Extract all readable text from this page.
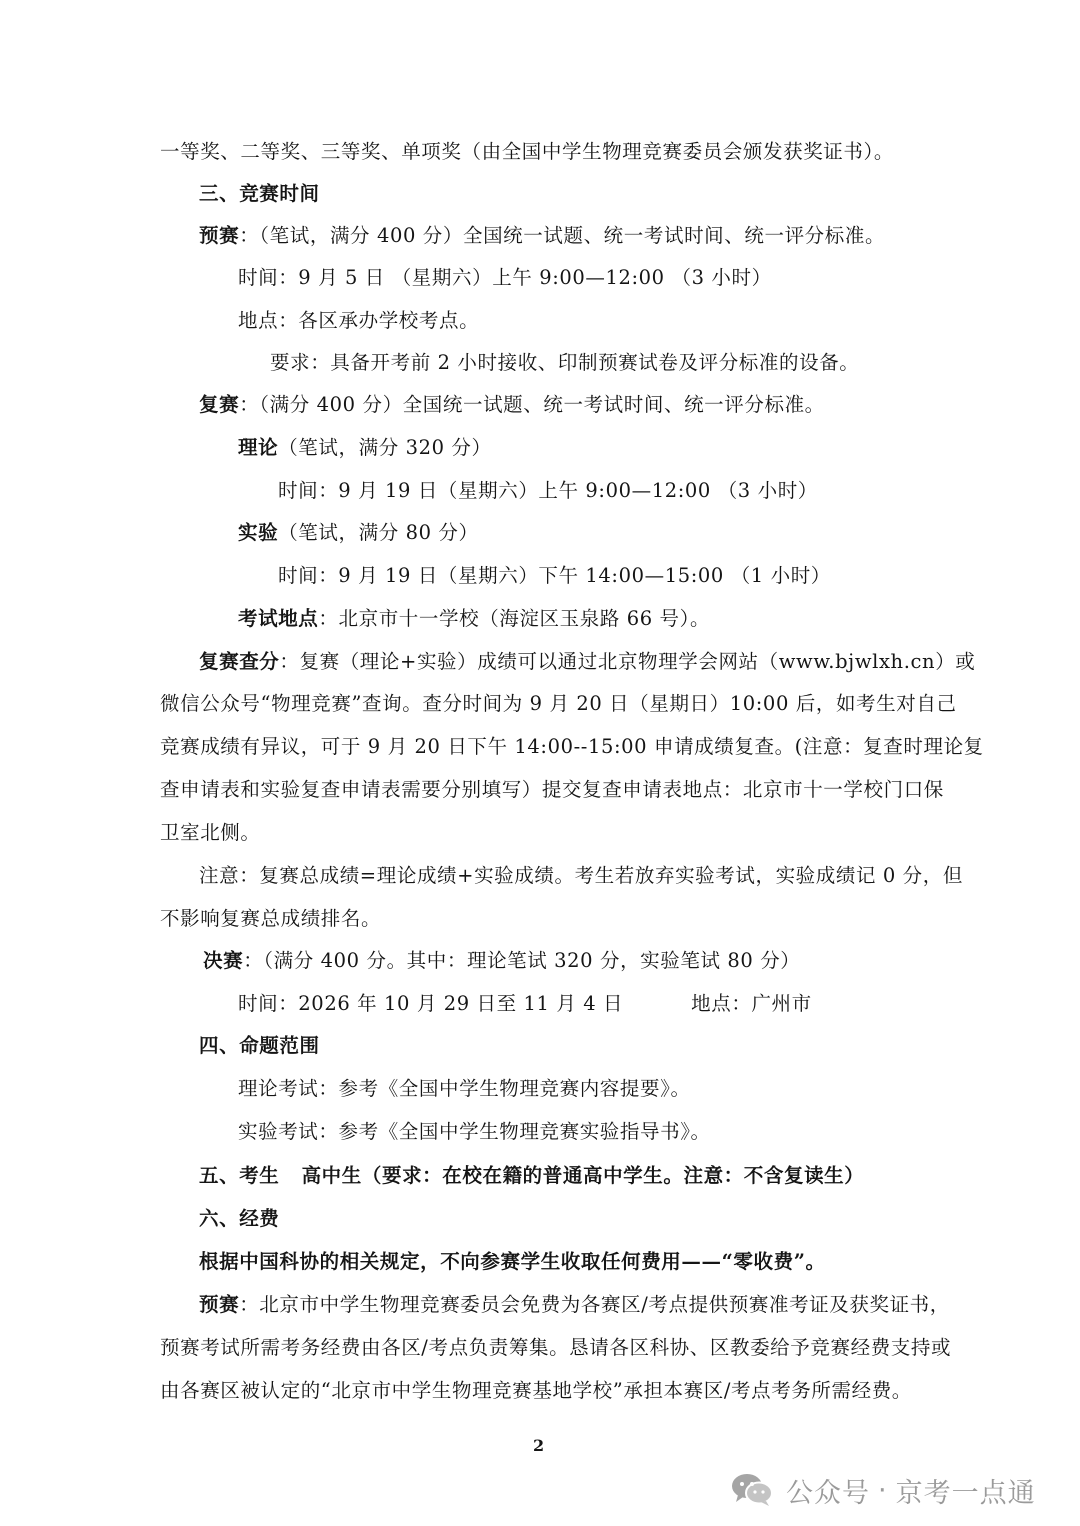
一等奖、二等奖、三等奖、单项奖（由全国中学生物理竞赛委员会颁发获奖证书）。
三、竞赛时间
预赛：（笔试，满分 400 分）全国统一试题、统一考试时间、统一评分标准。
时间：9 月 5 日 （星期六）上午 9:00—12:00 （3 小时）
地点：各区承办学校考点。
要求：具备开考前 2 小时接收、印制预赛试卷及评分标准的设备。
复赛：（满分 400 分）全国统一试题、统一考试时间、统一评分标准。
理论（笔试，满分 320 分）
时间：9 月 19 日（星期六）上午 9:00—12:00 （3 小时）
实验（笔试，满分 80 分）
时间：9 月 19 日（星期六）下午 14:00—15:00 （1 小时）
考试地点：北京市十一学校（海淀区玉泉路 66 号）。
复赛查分：复赛（理论+实验）成绩可以通过北京物理学会网站（www.bjwlxh.cn）或
微信公众号“物理竞赛”查询。查分时间为 9 月 20 日（星期日）10:00 后，如考生对自己
竞赛成绩有异议，可于 9 月 20 日下午 14:00--15:00 申请成绩复查。(注意：复查时理论复
查申请表和实验复查申请表需要分别填写）提交复查申请表地点：北京市十一学校门口保
卫室北侧。
注意：复赛总成绩=理论成绩+实验成绩。考生若放弃实验考试，实验成绩记 0 分，但
不影响复赛总成绩排名。
决赛：（满分 400 分。其中：理论笔试 320 分，实验笔试 80 分）
时间：2026 年 10 月 29 日至 11 月 4 日          地点：广州市
四、命题范围
理论考试：参考《全国中学生物理竞赛内容提要》。
实验考试：参考《全国中学生物理竞赛实验指导书》。
五、考生   高中生（要求：在校在籍的普通高中学生。注意：不含复读生）
六、经费
根据中国科协的相关规定，不向参赛学生收取任何费用——“零收费”。
预赛：北京市中学生物理竞赛委员会免费为各赛区/考点提供预赛准考证及获奖证书，
预赛考试所需考务经费由各区/考点负责筹集。恳请各区科协、区教委给予竞赛经费支持或
由各赛区被认定的“北京市中学生物理竞赛基地学校”承担本赛区/考点考务所需经费。
2
公众号 · 京考一点通
